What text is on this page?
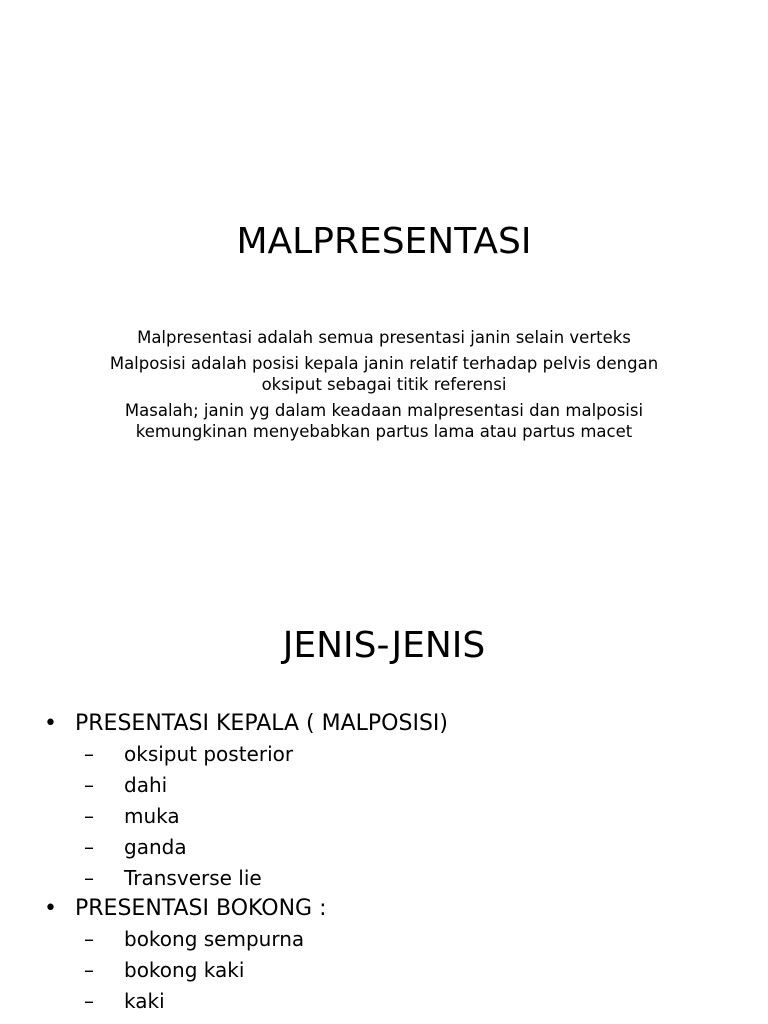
MALPRESENTASI

Malpresentasi adalah semua presentasi janin selain verteks

Malposisi adalah posisi kepala janin relatif terhadap pelvis dengan oksiput sebagai titik referensi

Masalah; janin yg dalam keadaan malpresentasi dan malposisi kemungkinan menyebabkan partus lama atau partus macet

JENIS-JENIS
• PRESENTASI KEPALA ( MALPOSISI)
– oksiput posterior
– dahi
– muka
– ganda
– Transverse lie
• PRESENTASI BOKONG :
– bokong sempurna
– bokong kaki
– kaki
